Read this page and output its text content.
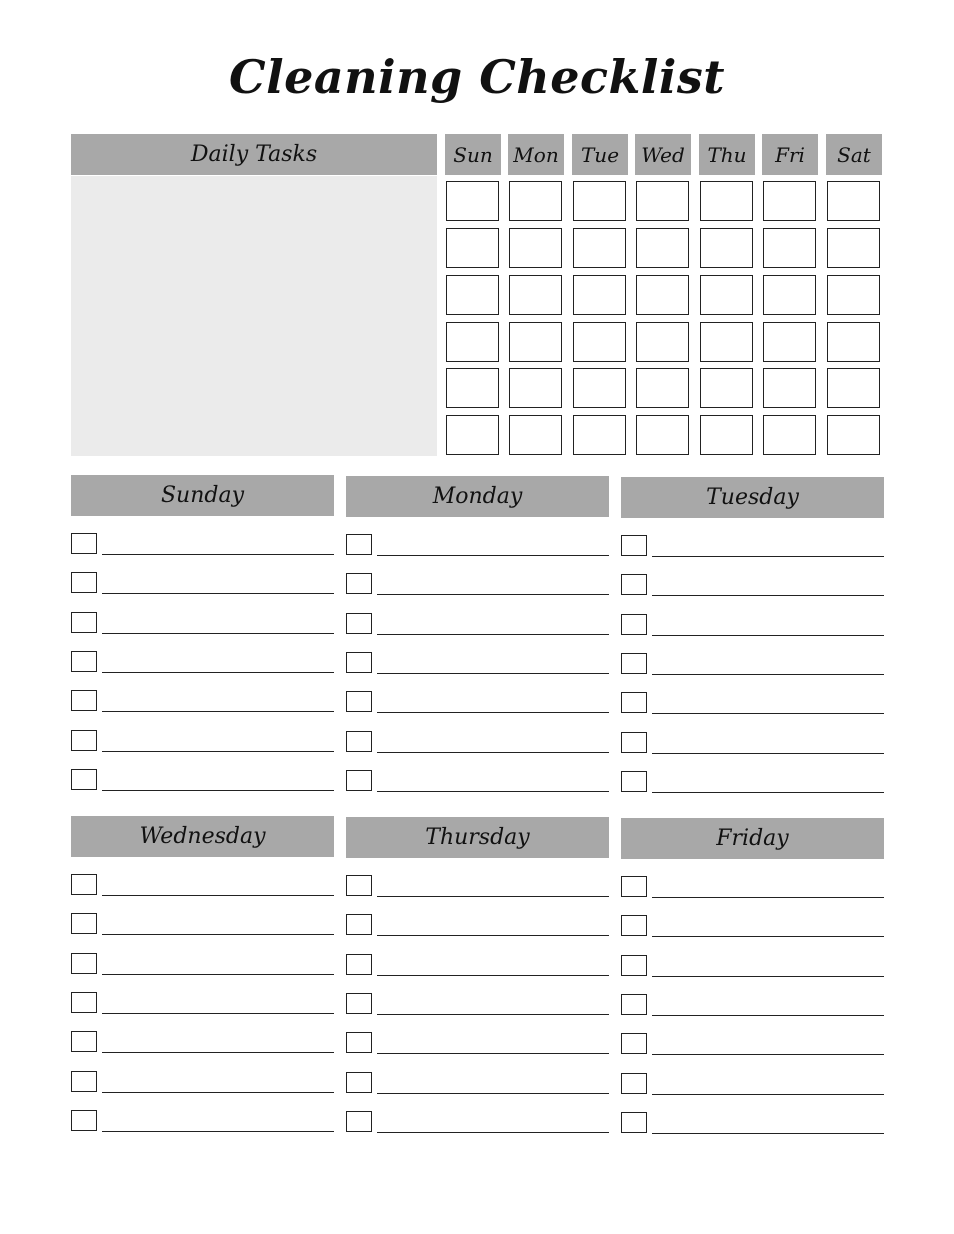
Cleaning Checklist
Daily Tasks	Sun	Mon	Tue	Wed	Thu	Fri	Sat
Sunday	Monday	Tuesday
Wednesday	Thursday	Friday
